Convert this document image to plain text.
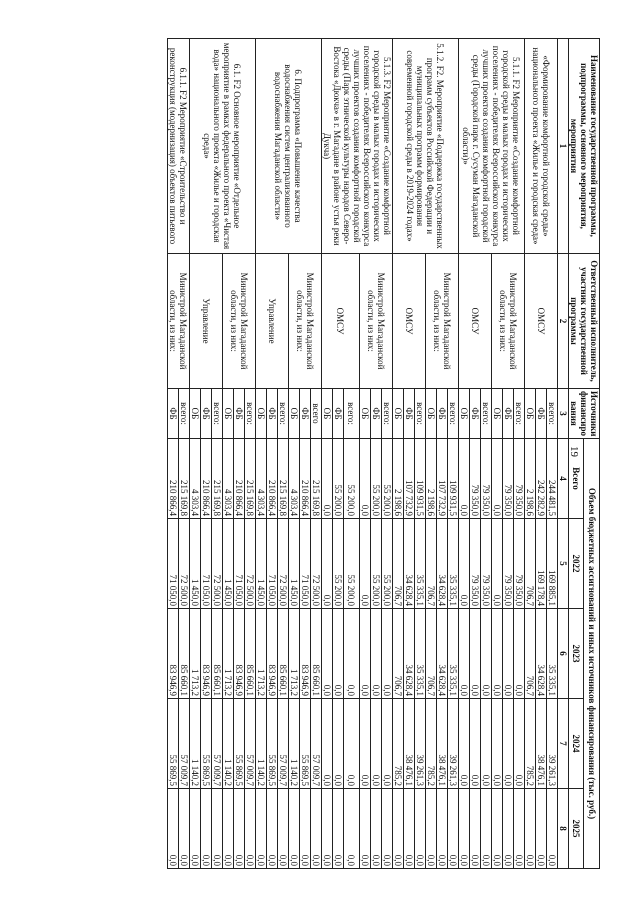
19
Наименование государственной программы, подпрограммы, основного мероприятия, мероприятия	Ответственный исполнитель, участник государственной программы	Источники финансиро вания	Объем бюджетных ассигнований и иных источников финансирования (тыс. руб.)				
			Всего	2022	2023	2024	2025
1	2	3	4	5	6	7	8
«Формирование комфортной городской среды» национального проекта «Жилье и городская среда»	ОМСУ	всего:	244 481,5	169 885,1	35 335,1	39 261,3	0,0
		ФБ	242 282,9	169 178,4	34 628,4	38 476,1	0,0
		ОБ	2 198,6	706,7	706,7	785,2	0,0
5.1.1. F2 Мероприятие «Создание комфортной городской среды в малых городах и исторических поселениях - победителях Всероссийского конкурса лучших проектов создания комфортной городской среды (Городской парк г. Сусуман Магаданской области)»	Министрой Магаданской области, из них:	всего:	79 350,0	79 350,0	0,0	0,0	0,0
		ФБ	79 350,0	79 350,0	0,0	0,0	0,0
		ОБ	0,0	0,0	0,0	0,0	0,0
	ОМСУ	всего:	79 350,0	79 350,0	0,0	0,0	0,0
		ФБ	79 350,0	79 350,0	0,0	0,0	0,0
		ОБ	0,0	0,0	0,0	0,0	0,0
5.1.2. F2. Мероприятие «Поддержка государственных программ субъектов Российской Федерации и муниципальных программ формирования современной городской среды в 2019-2024 годах»	Министрой Магаданской области, из них:	всего:	109 931,5	35 335,1	35 335,1	39 261,3	0,0
		ФБ	107 732,9	34 628,4	34 628,4	38 476,1	0,0
		ОБ	2 198,6	706,7	706,7	785,2	0,0
	ОМСУ	всего:	109 931,5	35 335,1	35 335,1	39 261,3	0,0
		ФБ	107 732,9	34 628,4	34 628,4	38 476,1	0,0
		ОБ	2 198,6	706,7	706,7	785,2	0,0
5.1.3. F2 Мероприятие «Создание комфортной городской среды в малых городах и исторических поселениях - победителях Всероссийского конкурса лучших проектов создания комфортной городской среды (Парк этнической культуры народов Северо-Востока «Дюкча» в г. Магадане в районе устья реки Дукча)	Министрой Магаданской области, из них:	всего:	55 200,0	55 200,0	0,0	0,0	0,0
		ФБ	55 200,0	55 200,0	0,0	0,0	0,0
		ОБ	0,0	0,0	0,0	0,0	0,0
	ОМСУ	всего:	55 200,0	55 200,0	0,0	0,0	0,0
		ФБ	55 200,0	55 200,0	0,0	0,0	0,0
		ОБ	0,0	0,0	0,0	0,0	0,0
6. Подпрограмма «Повышение качества водоснабжения систем централизованного водоснабжения Магаданской области»	Министрой Магаданской области, из них:	всего	215 169,8	72 500,0	85 660,1	57 009,7	0,0
		ФБ	210 866,4	71 050,0	83 946,9	55 869,5	0,0
		ОБ	4 303,4	1 450,0	1 713,2	1 140,2	0,0
	Управление	всего:	215 169,8	72 500,0	85 660,1	57 009,7	0,0
		ФБ	210 866,4	71 050,0	83 946,9	55 869,5	0,0
		ОБ	4 303,4	1 450,0	1 713,2	1 140,2	0,0
6.1. F2 Основное мероприятие «Отдельное мероприятие в рамках федерального проекта «Чистая вода» национального проекта «Жилье и городская среда»	Министрой Магаданской области, из них:	всего:	215 169,8	72 500,0	85 660,1	57 009,7	0,0
		ФБ	210 866,4	71 050,0	83 946,9	55 869,5	0,0
		ОБ	4 303,4	1 450,0	1 713,2	1 140,2	0,0
	Управление	всего:	215 169,8	72 500,0	85 660,1	57 009,7	0,0
		ФБ	210 866,4	71 050,0	83 946,9	55 869,5	0,0
		ОБ	4 303,4	1 450,0	1 713,2	1 140,2	0,0
6.1.1. F2 Мероприятие «Строительство и реконструкция (модернизация) объектов питьевого	Министрой Магаданской области, из них:	всего:	215 169,8	72 500,0	85 660,1	57 009,7	0,0
		ФБ	210 866,4	71 050,0	83 946,9	55 869,5	0,0
